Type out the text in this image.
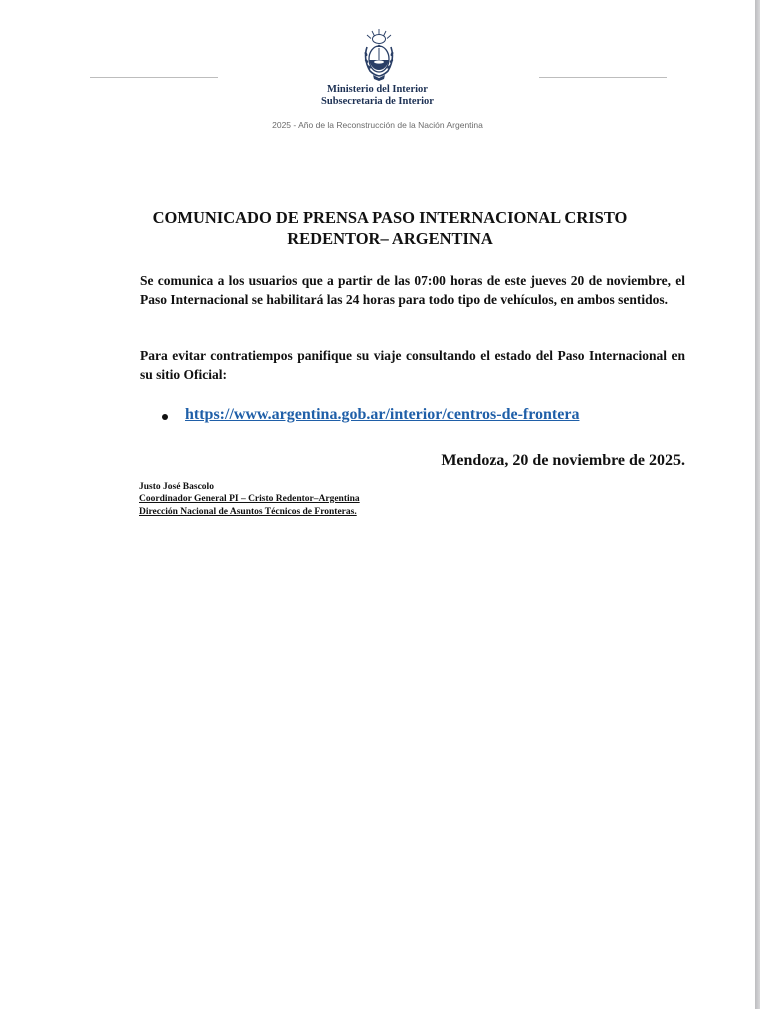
Ministerio del Interior
Subsecretaria de Interior
2025 - Año de la Reconstrucción de la Nación Argentina
COMUNICADO DE PRENSA PASO INTERNACIONAL CRISTO
REDENTOR– ARGENTINA
Se comunica a los usuarios que a partir de las 07:00 horas de este jueves 20 de noviembre, el Paso Internacional se habilitará las 24 horas para todo tipo de vehículos, en ambos sentidos.
Para evitar contratiempos panifique su viaje consultando el estado del Paso Internacional en su sitio Oficial:
https://www.argentina.gob.ar/interior/centros-de-frontera
Mendoza, 20 de noviembre de 2025.
Justo José Bascolo
Coordinador General PI – Cristo Redentor–Argentina
Dirección Nacional de Asuntos Técnicos de Fronteras.
